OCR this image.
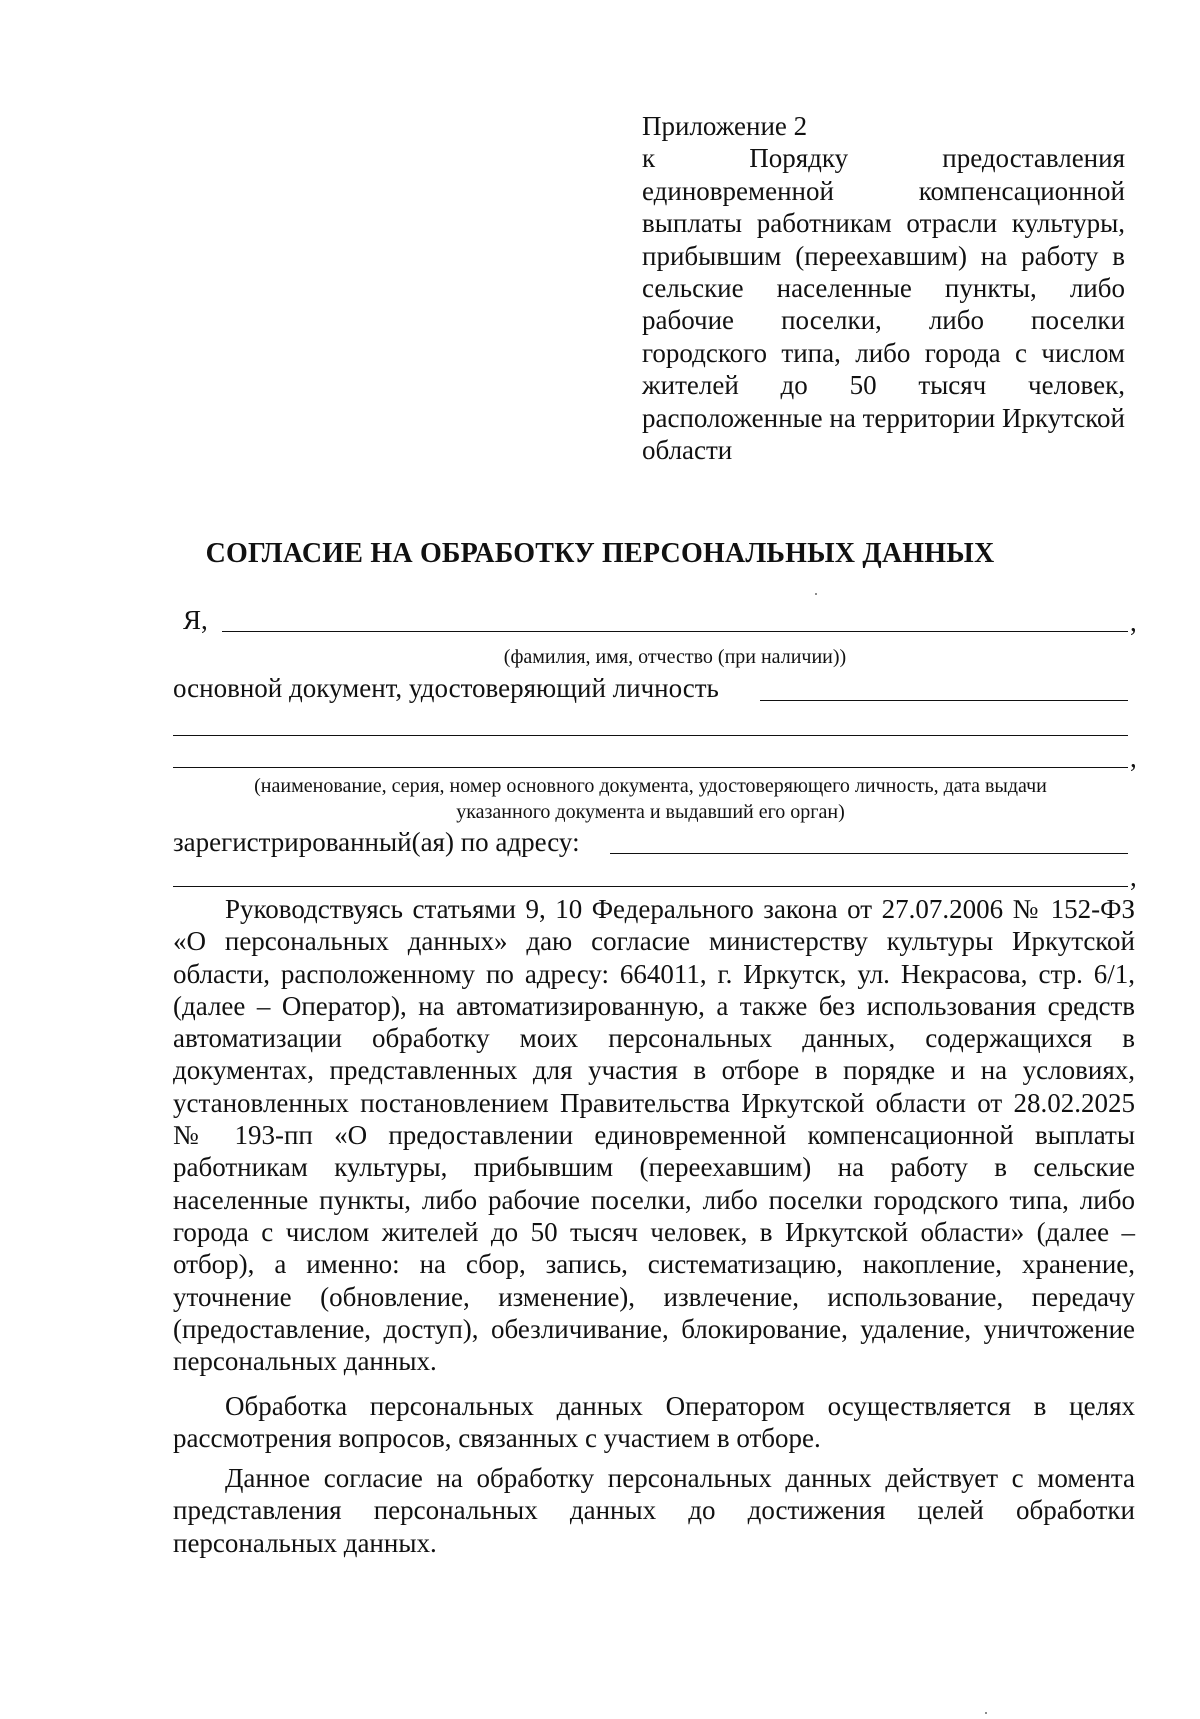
Приложение 2

к Порядку предоставления единовременной компенсационной выплаты работникам отрасли культуры, прибывшим (переехавшим) на работу в сельские населенные пункты, либо рабочие поселки, либо поселки городского типа, либо города с числом жителей до 50 тысяч человек, расположенные на территории Иркутской области

СОГЛАСИЕ НА ОБРАБОТКУ ПЕРСОНАЛЬНЫХ ДАННЫХ
Я,	,
(фамилия, имя, отчество (при наличии))
основной документ, удостоверяющий личность
,
(наименование, серия, номер основного документа, удостоверяющего личность, дата выдачи
указанного документа и выдавший его орган)
зарегистрированный(ая) по адресу:
,

Руководствуясь статьями 9, 10 Федерального закона от 27.07.2006 № 152-ФЗ «О персональных данных» даю согласие министерству культуры Иркутской области, расположенному по адресу: 664011, г. Иркутск, ул. Некрасова, стр. 6/1, (далее – Оператор), на автоматизированную, а также без использования средств автоматизации обработку моих персональных данных, содержащихся в документах, представленных для участия в отборе в порядке и на условиях, установленных постановлением Правительства Иркутской области от 28.02.2025 № 193-пп «О предоставлении единовременной компенсационной выплаты работникам культуры, прибывшим (переехавшим) на работу в сельские населенные пункты, либо рабочие поселки, либо поселки городского типа, либо города с числом жителей до 50 тысяч человек, в Иркутской области» (далее – отбор), а именно: на сбор, запись, систематизацию, накопление, хранение, уточнение (обновление, изменение), извлечение, использование, передачу (предоставление, доступ), обезличивание, блокирование, удаление, уничтожение персональных данных.

Обработка персональных данных Оператором осуществляется в целях рассмотрения вопросов, связанных с участием в отборе.

Данное согласие на обработку персональных данных действует с момента представления персональных данных до достижения целей обработки персональных данных.
